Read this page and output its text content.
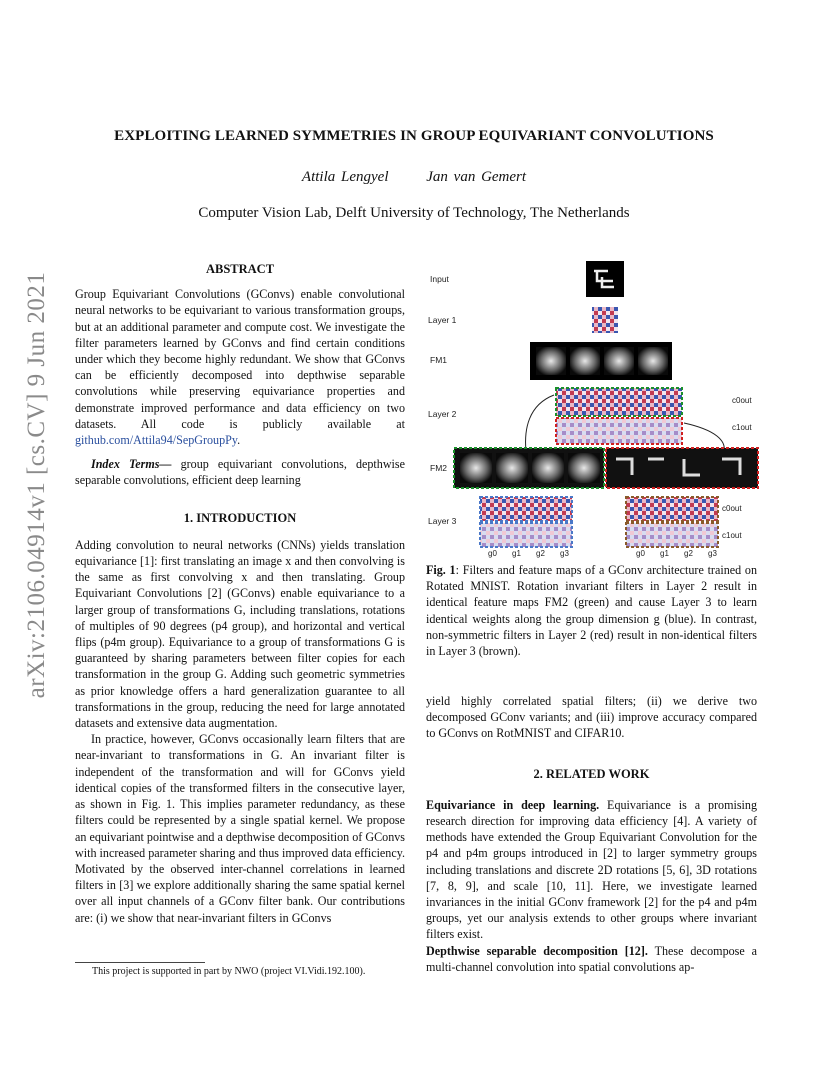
arXiv:2106.04914v1 [cs.CV] 9 Jun 2021
EXPLOITING LEARNED SYMMETRIES IN GROUP EQUIVARIANT CONVOLUTIONS
Attila Lengyel	Jan van Gemert
Computer Vision Lab, Delft University of Technology, The Netherlands

ABSTRACT

Group Equivariant Convolutions (GConvs) enable convolutional neural networks to be equivariant to various transformation groups, but at an additional parameter and compute cost. We investigate the filter parameters learned by GConvs and find certain conditions under which they become highly redundant. We show that GConvs can be efficiently decomposed into depthwise separable convolutions while preserving equivariance properties and demonstrate improved performance and data efficiency on two datasets. All code is publicly available at github.com/Attila94/SepGroupPy.

Index Terms— group equivariant convolutions, depthwise separable convolutions, efficient deep learning

1. INTRODUCTION

Adding convolution to neural networks (CNNs) yields translation equivariance [1]: first translating an image x and then convolving is the same as first convolving x and then translating. Group Equivariant Convolutions [2] (GConvs) enable equivariance to a larger group of transformations G, including translations, rotations of multiples of 90 degrees (p4 group), and horizontal and vertical flips (p4m group). Equivariance to a group of transformations G is guaranteed by sharing parameters between filter copies for each transformation in the group G. Adding such geometric symmetries as prior knowledge offers a hard generalization guarantee to all transformations in the group, reducing the need for large annotated datasets and extensive data augmentation.

In practice, however, GConvs occasionally learn filters that are near-invariant to transformations in G. An invariant filter is independent of the transformation and will for GConvs yield identical copies of the transformed filters in the consecutive layer, as shown in Fig. 1. This implies parameter redundancy, as these filters could be represented by a single spatial kernel. We propose an equivariant pointwise and a depthwise decomposition of GConvs with increased parameter sharing and thus improved data efficiency. Motivated by the observed inter-channel correlations in learned filters in [3] we explore additionally sharing the same spatial kernel over all input channels of a GConv filter bank. Our contributions are: (i) we show that near-invariant filters in GConvs

This project is supported in part by NWO (project VI.Vidi.192.100).
Input
Layer 1
FM1
Layer 2
FM2
Layer 3
c0out
c1out
c0out
c1out
g0 g1 g2 g3	g0 g1 g2 g3
Fig. 1: Filters and feature maps of a GConv architecture trained on Rotated MNIST. Rotation invariant filters in Layer 2 result in identical feature maps FM2 (green) and cause Layer 3 to learn identical weights along the group dimension g (blue). In contrast, non-symmetric filters in Layer 2 (red) result in non-identical filters in Layer 3 (brown).

yield highly correlated spatial filters; (ii) we derive two decomposed GConv variants; and (iii) improve accuracy compared to GConvs on RotMNIST and CIFAR10.

2. RELATED WORK

Equivariance in deep learning. Equivariance is a promising research direction for improving data efficiency [4]. A variety of methods have extended the Group Equivariant Convolution for the p4 and p4m groups introduced in [2] to larger symmetry groups including translations and discrete 2D rotations [5, 6], 3D rotations [7, 8, 9], and scale [10, 11]. Here, we investigate learned invariances in the initial GConv framework [2] for the p4 and p4m groups, yet our analysis extends to other groups where invariant filters exist.

Depthwise separable decomposition [12]. These decompose a multi-channel convolution into spatial convolutions ap-
